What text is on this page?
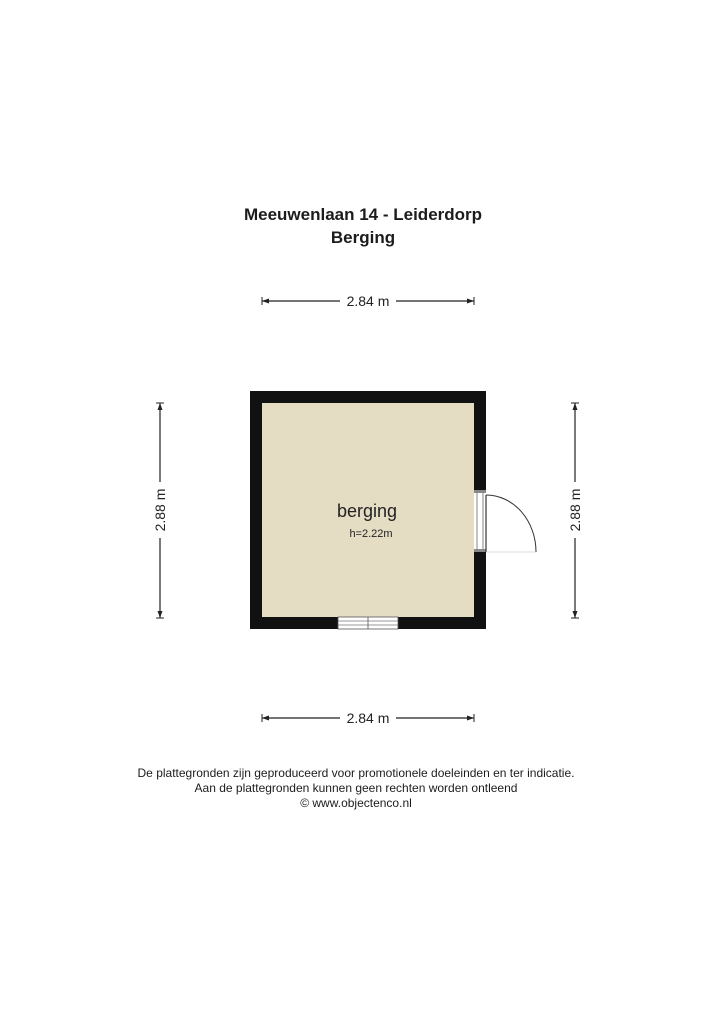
Meeuwenlaan 14 - Leiderdorp
Berging
2.84 m
2.84 m
2.88 m	2.88 m
berging
h=2.22m
De plattegronden zijn geproduceerd voor promotionele doeleinden en ter indicatie.
Aan de plattegronden kunnen geen rechten worden ontleend
© www.objectenco.nl
